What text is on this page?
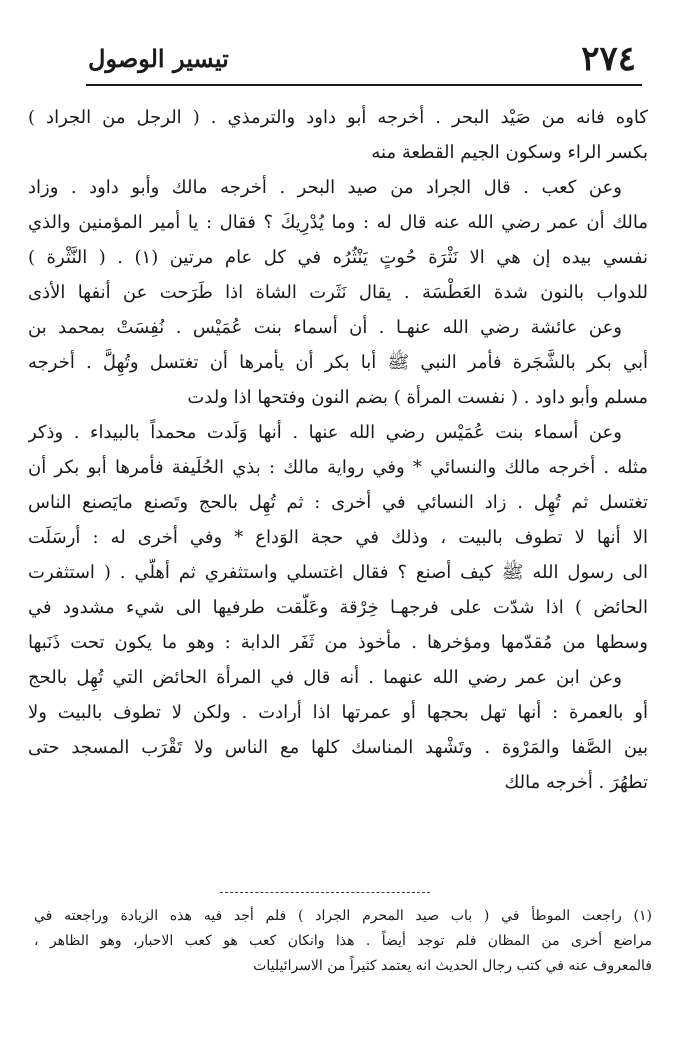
٢٧٤
تيسير الوصول
كاوه فانه من صَيْد البحر . أخرجه أبو داود والترمذي . ( الرجل من الجراد )
بكسر الراء وسكون الجيم القطعة منه
وعن كعب . قال الجراد من صيد البحر . أخرجه مالك وأبو داود . وزاد
مالك أن عمر رضي الله عنه قال له : وما يُدْرِيكَ ؟ فقال : يا أمير المؤمنين والذي
نفسي بيده إن هي الا نَثْرَة حُوتٍ يَنْثُرُه في كل عام مرتين (١) . ( النَّثْرة )
للدواب بالنون شدة العَطْسَة . يقال نَثَرت الشاة اذا طَرَحت عن أنفها الأذى
وعن عائشة رضي الله عنهـا . أن أسماء بنت عُمَيْس . نُفِسَتْ بمحمد بن
أبي بكر بالشَّجَرة فأمر النبي ﷺ أبا بكر أن يأمرها أن تغتسل وتُهِلَّ . أخرجه
مسلم وأبو داود . ( نفست المرأة ) بضم النون وفتحها اذا ولدت
وعن أسماء بنت عُمَيْس رضي الله عنها . أنها وَلَدت محمداً بالبيداء . وذكر
مثله . أخرجه مالك والنسائي * وفي رواية مالك : بذي الحُلَيفة فأمرها أبو بكر أن
تغتسل ثم تُهِل . زاد النسائي في أخرى : ثم تُهِل بالحج وتَصنع مايَصنع الناس
الا أنها لا تطوف بالبيت ، وذلك في حجة الوَداع * وفي أخرى له : أرسَلَت
الى رسول الله ﷺ كيف أصنع ؟ فقال اغتسلي واستثفري ثم أهلّي . ( استثفرت
الحائض ) اذا شدّت على فرجهـا خِرْقة وعَلّقت طرفيها الى شيء مشدود في
وسطها من مُقدّمها ومؤخرها . مأخوذ من ثَفَر الدابة : وهو ما يكون تحت ذَنَبها
وعن ابن عمر رضي الله عنهما . أنه قال في المرأة الحائض التي تُهِل بالحج
أو بالعمرة : أنها تهل بحجها أو عمرتها اذا أرادت . ولكن لا تطوف بالبيت ولا
بين الصَّفا والمَرْوة . وتَشْهد المناسك كلها مع الناس ولا تَقْرَب المسجد حتى
تطهُرَ . أخرجه مالك
(١) راجعت الموطأ في ( باب صيد المحرم الجراد ) فلم أجد فيه هذه الزيادة وراجعته في
مراضع أخرى من المظان فلم توجد أيضاً . هذا وانكان كعب هو كعب الاحبار، وهو الظاهر ،
فالمعروف عنه في كتب رجال الحديث انه يعتمد كثيراً من الاسرائيليات
